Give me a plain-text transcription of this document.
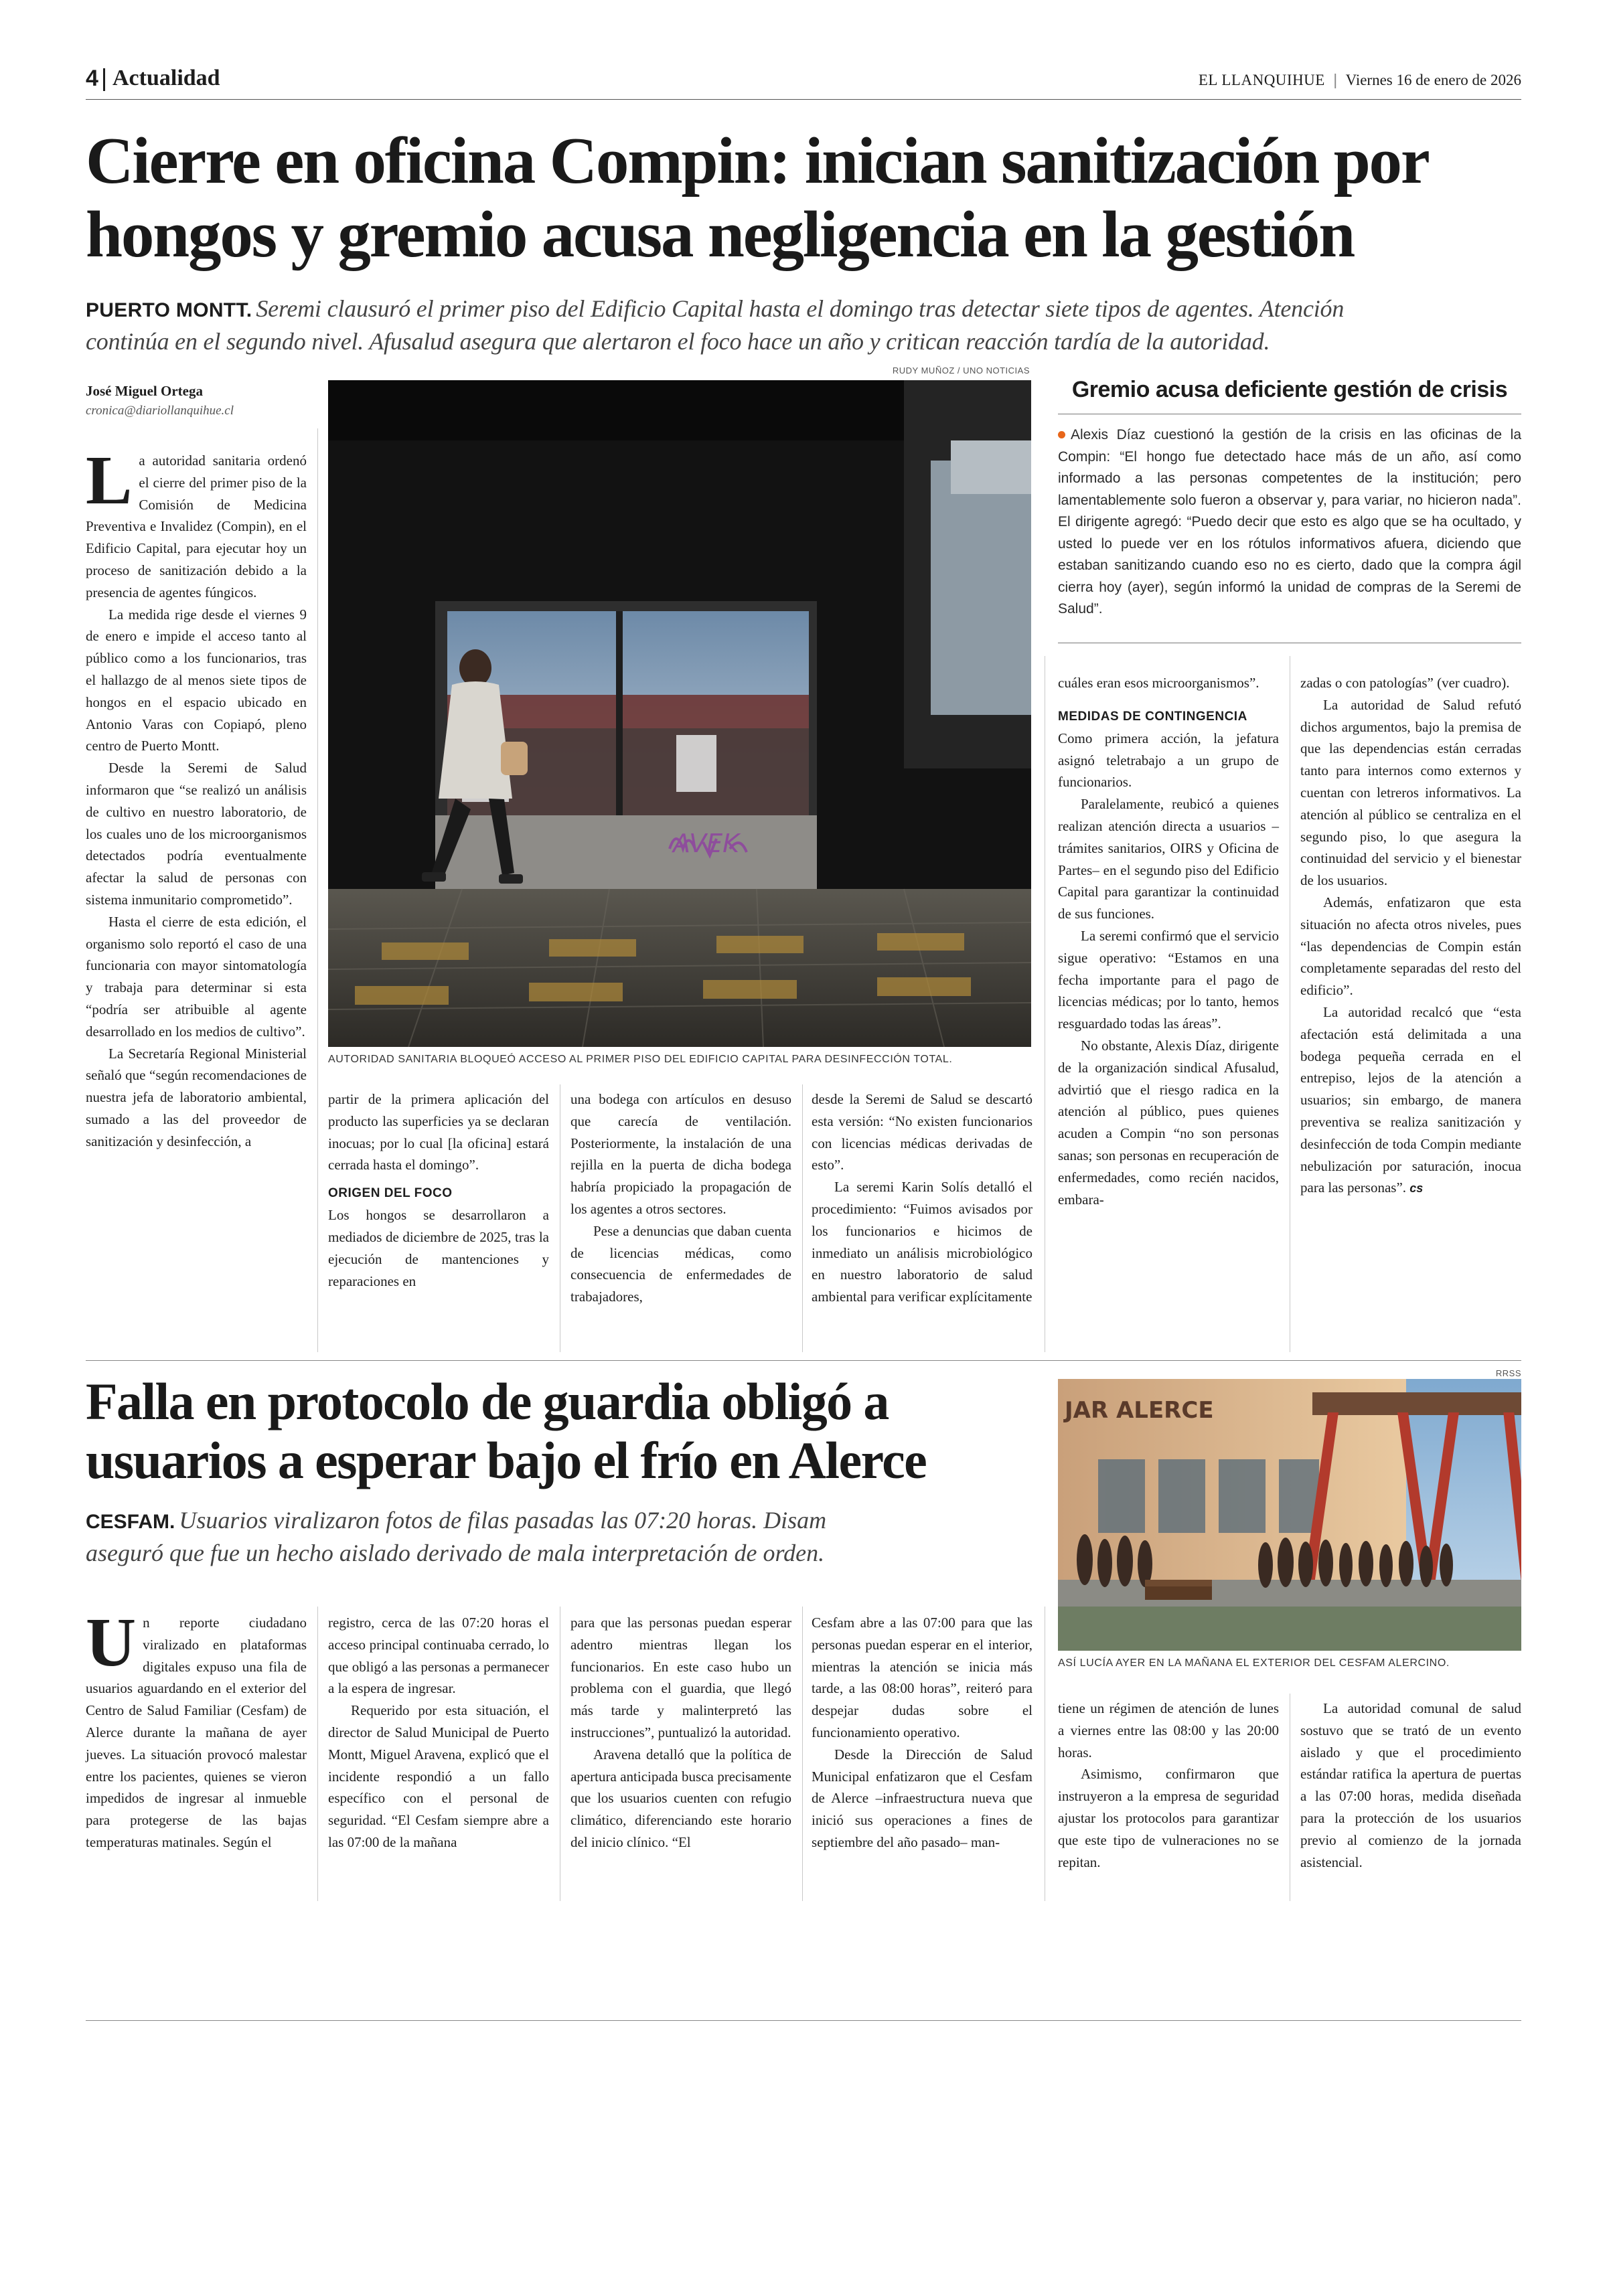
4 Actualidad	EL LLANQUIHUE | Viernes 16 de enero de 2026
Cierre en oficina Compin: inician sanitización por
hongos y gremio acusa negligencia en la gestión
PUERTO MONTT. Seremi clausuró el primer piso del Edificio Capital hasta el domingo tras detectar siete tipos de agentes. Atención
continúa en el segundo nivel. Afusalud asegura que alertaron el foco hace un año y critican reacción tardía de la autoridad.
José Miguel Ortega
cronica@diariollanquihue.cl
RUDY MUÑOZ / UNO NOTICIAS
AVEK
AUTORIDAD SANITARIA BLOQUEÓ ACCESO AL PRIMER PISO DEL EDIFICIO CAPITAL PARA DESINFECCIÓN TOTAL.
Gremio acusa deficiente gestión de crisis
Alexis Díaz cuestionó la gestión de la crisis en las oficinas de la Compin: “El hongo fue detectado hace más de un año, así como informado a las personas competentes de la institución; pero lamentablemente solo fueron a observar y, para variar, no hicieron nada”. El dirigente agregó: “Puedo decir que esto es algo que se ha ocultado, y usted lo puede ver en los rótulos informativos afuera, diciendo que estaban sanitizando cuando eso no es cierto, dado que la compra ágil cierra hoy (ayer), según informó la unidad de compras de la Seremi de Salud”.

La autoridad sanitaria ordenó el cierre del primer piso de la Comisión de Medicina Preventiva e Invalidez (Compin), en el Edificio Capital, para ejecutar hoy un proceso de sanitización debido a la presencia de agentes fúngicos.

La medida rige desde el viernes 9 de enero e impide el acceso tanto al público como a los funcionarios, tras el hallazgo de al menos siete tipos de hongos en el espacio ubicado en Antonio Varas con Copiapó, pleno centro de Puerto Montt.

Desde la Seremi de Salud informaron que “se realizó un análisis de cultivo en nuestro laboratorio, de los cuales uno de los microorganismos detectados podría eventualmente afectar la salud de personas con sistema inmunitario comprometido”.

Hasta el cierre de esta edición, el organismo solo reportó el caso de una funcionaria con mayor sintomatología y trabaja para determinar si esta “podría ser atribuible al agente desarrollado en los medios de cultivo”.

La Secretaría Regional Ministerial señaló que “según recomendaciones de nuestra jefa de laboratorio ambiental, sumado a las del proveedor de sanitización y desinfección, a

partir de la primera aplicación del producto las superficies ya se declaran inocuas; por lo cual [la oficina] estará cerrada hasta el domingo”.

ORIGEN DEL FOCO

Los hongos se desarrollaron a mediados de diciembre de 2025, tras la ejecución de mantenciones y reparaciones en

una bodega con artículos en desuso que carecía de ventilación. Posteriormente, la instalación de una rejilla en la puerta de dicha bodega habría propiciado la propagación de los agentes a otros sectores.

Pese a denuncias que daban cuenta de licencias médicas, como consecuencia de enfermedades de trabajadores,

desde la Seremi de Salud se descartó esta versión: “No existen funcionarios con licencias médicas derivadas de esto”.

La seremi Karin Solís detalló el procedimiento: “Fuimos avisados por los funcionarios e hicimos de inmediato un análisis microbiológico en nuestro laboratorio de salud ambiental para verificar explícitamente

cuáles eran esos microorganismos”.

MEDIDAS DE CONTINGENCIA

Como primera acción, la jefatura asignó teletrabajo a un grupo de funcionarios.

Paralelamente, reubicó a quienes realizan atención directa a usuarios –trámites sanitarios, OIRS y Oficina de Partes– en el segundo piso del Edificio Capital para garantizar la continuidad de sus funciones.

La seremi confirmó que el servicio sigue operativo: “Estamos en una fecha importante para el pago de licencias médicas; por lo tanto, hemos resguardado todas las áreas”.

No obstante, Alexis Díaz, dirigente de la organización sindical Afusalud, advirtió que el riesgo radica en la atención al público, pues quienes acuden a Compin “no son personas sanas; son personas en recuperación de enfermedades, como recién nacidos, embara-

zadas o con patologías” (ver cuadro).

La autoridad de Salud refutó dichos argumentos, bajo la premisa de que las dependencias están cerradas tanto para internos como externos y cuentan con letreros informativos. La atención al público se centraliza en el segundo piso, lo que asegura la continuidad del servicio y el bienestar de los usuarios.

Además, enfatizaron que esta situación no afecta otros niveles, pues “las dependencias de Compin están completamente separadas del resto del edificio”.

La autoridad recalcó que “esta afectación está delimitada a una bodega pequeña cerrada en el entrepiso, lejos de la atención a usuarios; sin embargo, de manera preventiva se realiza sanitización y desinfección de toda Compin mediante nebulización por saturación, inocua para las personas”. cs

Falla en protocolo de guardia obligó a
usuarios a esperar bajo el frío en Alerce
CESFAM. Usuarios viralizaron fotos de filas pasadas las 07:20 horas. Disam
aseguró que fue un hecho aislado derivado de mala interpretación de orden.
RRSS
JAR ALERCE
ASÍ LUCÍA AYER EN LA MAÑANA EL EXTERIOR DEL CESFAM ALERCINO.

Un reporte ciudadano viralizado en plataformas digitales expuso una fila de usuarios aguardando en el exterior del Centro de Salud Familiar (Cesfam) de Alerce durante la mañana de ayer jueves. La situación provocó malestar entre los pacientes, quienes se vieron impedidos de ingresar al inmueble para protegerse de las bajas temperaturas matinales. Según el

registro, cerca de las 07:20 horas el acceso principal continuaba cerrado, lo que obligó a las personas a permanecer a la espera de ingresar.

Requerido por esta situación, el director de Salud Municipal de Puerto Montt, Miguel Aravena, explicó que el incidente respondió a un fallo específico con el personal de seguridad. “El Cesfam siempre abre a las 07:00 de la mañana

para que las personas puedan esperar adentro mientras llegan los funcionarios. En este caso hubo un problema con el guardia, que llegó más tarde y malinterpretó las instrucciones”, puntualizó la autoridad.

Aravena detalló que la política de apertura anticipada busca precisamente que los usuarios cuenten con refugio climático, diferenciando este horario del inicio clínico. “El

Cesfam abre a las 07:00 para que las personas puedan esperar en el interior, mientras la atención se inicia más tarde, a las 08:00 horas”, reiteró para despejar dudas sobre el funcionamiento operativo.

Desde la Dirección de Salud Municipal enfatizaron que el Cesfam de Alerce –infraestructura nueva que inició sus operaciones a fines de septiembre del año pasado– man-

tiene un régimen de atención de lunes a viernes entre las 08:00 y las 20:00 horas.

Asimismo, confirmaron que instruyeron a la empresa de seguridad ajustar los protocolos para garantizar que este tipo de vulneraciones no se repitan.

La autoridad comunal de salud sostuvo que se trató de un evento aislado y que el procedimiento estándar ratifica la apertura de puertas a las 07:00 horas, medida diseñada para la protección de los usuarios previo al comienzo de la jornada asistencial.
